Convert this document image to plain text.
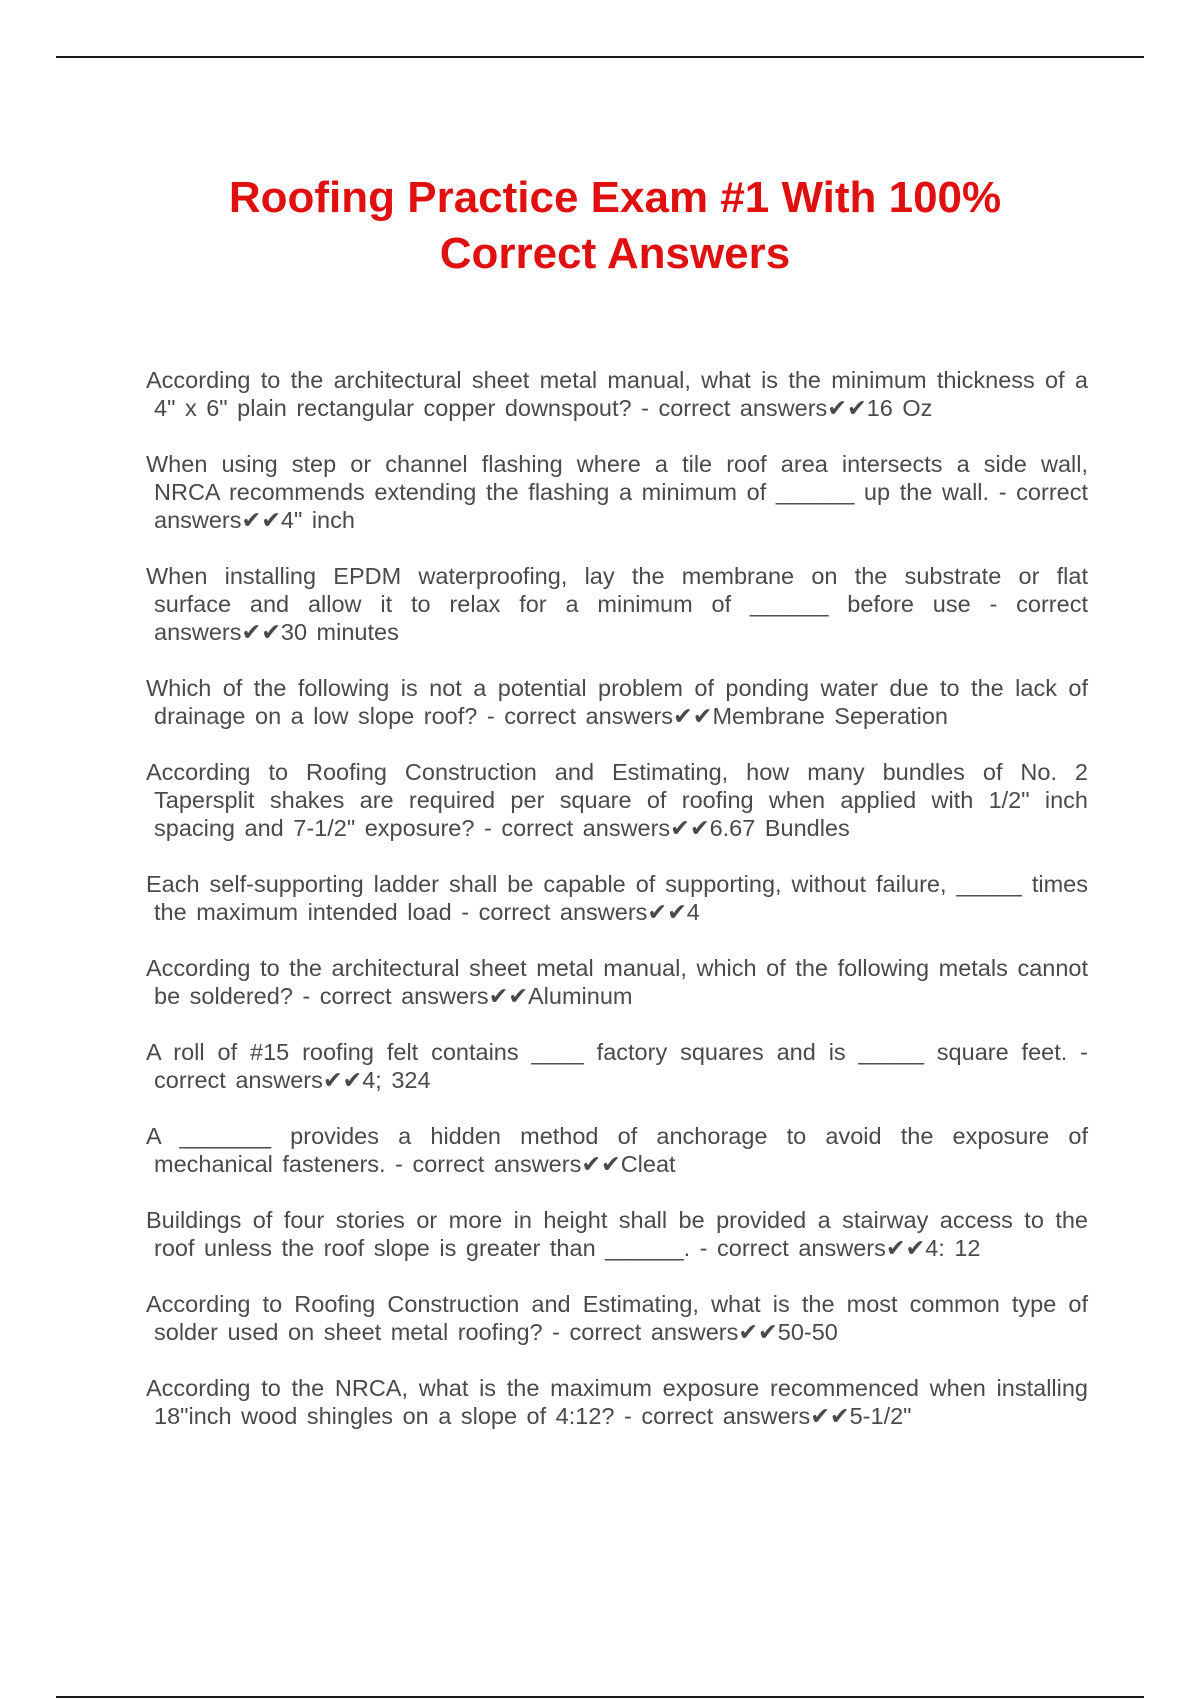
Roofing Practice Exam #1 With 100% Correct Answers
According to the architectural sheet metal manual, what is the minimum thickness of a 4" x 6" plain rectangular copper downspout? - correct answers✔✔16 Oz
When using step or channel flashing where a tile roof area intersects a side wall, NRCA recommends extending the flashing a minimum of ______ up the wall. - correct answers✔✔4" inch
When installing EPDM waterproofing, lay the membrane on the substrate or flat surface and allow it to relax for a minimum of ______ before use - correct answers✔✔30 minutes
Which of the following is not a potential problem of ponding water due to the lack of drainage on a low slope roof? - correct answers✔✔Membrane Seperation
According to Roofing Construction and Estimating, how many bundles of No. 2 Tapersplit shakes are required per square of roofing when applied with 1/2" inch spacing and 7-1/2" exposure? - correct answers✔✔6.67 Bundles
Each self-supporting ladder shall be capable of supporting, without failure, _____ times the maximum intended load - correct answers✔✔4
According to the architectural sheet metal manual, which of the following metals cannot be soldered? - correct answers✔✔Aluminum
A roll of #15 roofing felt contains ____ factory squares and is _____ square feet. - correct answers✔✔4; 324
A _______ provides a hidden method of anchorage to avoid the exposure of mechanical fasteners. - correct answers✔✔Cleat
Buildings of four stories or more in height shall be provided a stairway access to the roof unless the roof slope is greater than ______. - correct answers✔✔4: 12
According to Roofing Construction and Estimating, what is the most common type of solder used on sheet metal roofing? - correct answers✔✔50-50
According to the NRCA, what is the maximum exposure recommenced when installing 18"inch wood shingles on a slope of 4:12? - correct answers✔✔5-1/2"
